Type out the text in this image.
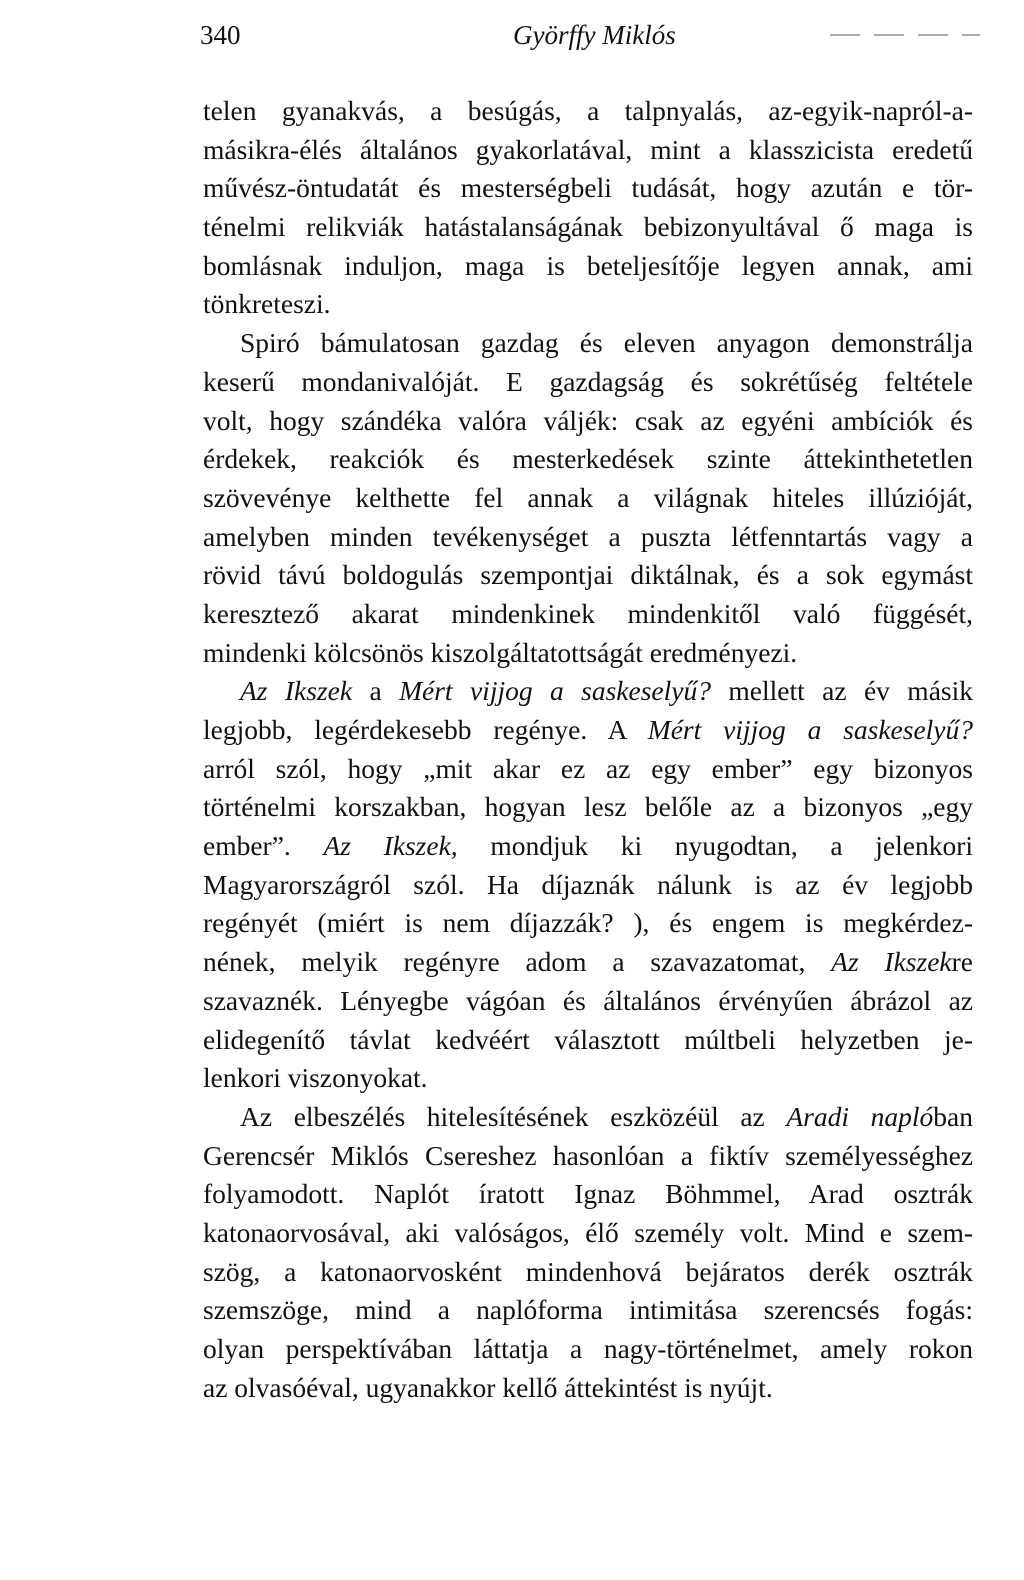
340	Györffy Miklós
telen gyanakvás, a besúgás, a talpnyalás, az-egyik-napról-a-
másikra-élés általános gyakorlatával, mint a klasszicista eredetű
művész-öntudatát és mesterségbeli tudását, hogy azután e tör-
ténelmi relikviák hatástalanságának bebizonyultával ő maga is
bomlásnak induljon, maga is beteljesítője legyen annak, ami
tönkreteszi.
Spiró bámulatosan gazdag és eleven anyagon demonstrálja
keserű mondanivalóját. E gazdagság és sokrétűség feltétele
volt, hogy szándéka valóra váljék: csak az egyéni ambíciók és
érdekek, reakciók és mesterkedések szinte áttekinthetetlen
szövevénye kelthette fel annak a világnak hiteles illúzióját,
amelyben minden tevékenységet a puszta létfenntartás vagy a
rövid távú boldogulás szempontjai diktálnak, és a sok egymást
keresztező akarat mindenkinek mindenkitől való függését,
mindenki kölcsönös kiszolgáltatottságát eredményezi.
Az Ikszek a Mért vijjog a saskeselyű? mellett az év másik
legjobb, legérdekesebb regénye. A Mért vijjog a saskeselyű?
arról szól, hogy „mit akar ez az egy ember” egy bizonyos
történelmi korszakban, hogyan lesz belőle az a bizonyos „egy
ember”. Az Ikszek, mondjuk ki nyugodtan, a jelenkori
Magyarországról szól. Ha díjaznák nálunk is az év legjobb
regényét (miért is nem díjazzák? ), és engem is megkérdez-
nének, melyik regényre adom a szavazatomat, Az Ikszekre
szavaznék. Lényegbe vágóan és általános érvényűen ábrázol az
elidegenítő távlat kedvéért választott múltbeli helyzetben je-
lenkori viszonyokat.
Az elbeszélés hitelesítésének eszközéül az Aradi naplóban
Gerencsér Miklós Csereshez hasonlóan a fiktív személyességhez
folyamodott. Naplót íratott Ignaz Böhmmel, Arad osztrák
katonaorvosával, aki valóságos, élő személy volt. Mind e szem-
szög, a katonaorvosként mindenhová bejáratos derék osztrák
szemszöge, mind a naplóforma intimitása szerencsés fogás:
olyan perspektívában láttatja a nagy-történelmet, amely rokon
az olvasóéval, ugyanakkor kellő áttekintést is nyújt.
